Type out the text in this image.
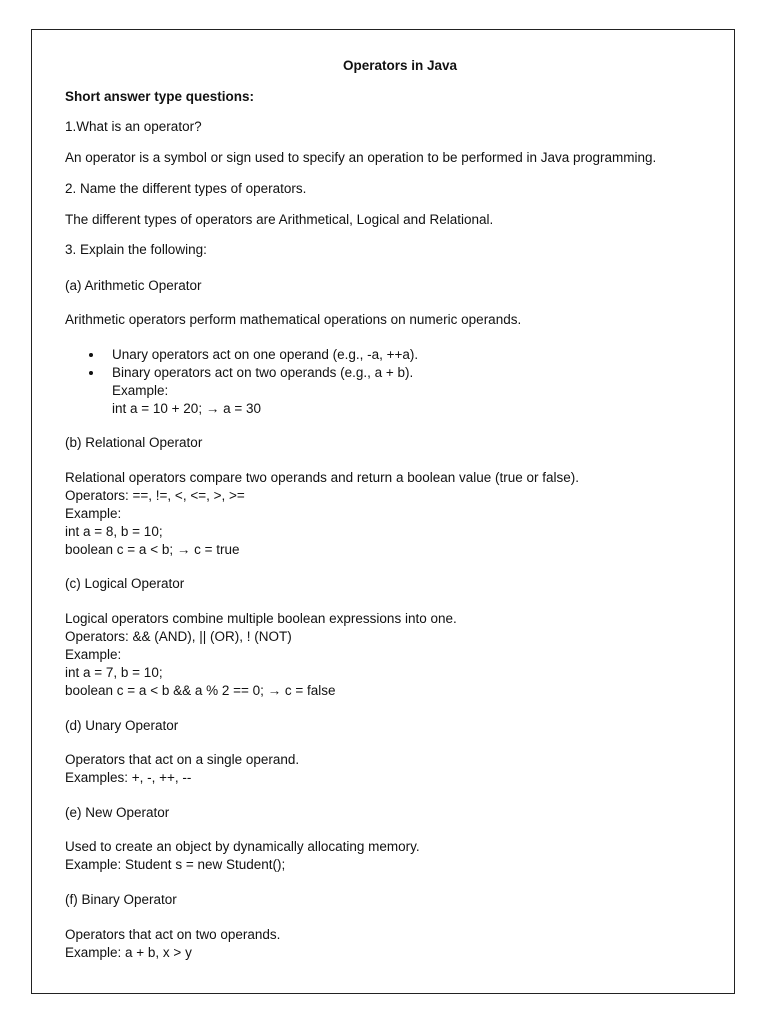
Operators in Java
Short answer type questions:
1.What is an operator?
An operator is a symbol or sign used to specify an operation to be performed in Java programming.
2. Name the different types of operators.
The different types of operators are Arithmetical, Logical and Relational.
3. Explain the following:
(a) Arithmetic Operator
Arithmetic operators perform mathematical operations on numeric operands.
Unary operators act on one operand (e.g., -a, ++a).
Binary operators act on two operands (e.g., a + b).
Example:
int a = 10 + 20; → a = 30
(b) Relational Operator
Relational operators compare two operands and return a boolean value (true or false).
Operators: ==, !=, <, <=, >, >=
Example:
int a = 8, b = 10;
boolean c = a < b; → c = true
(c) Logical Operator
Logical operators combine multiple boolean expressions into one.
Operators: && (AND), || (OR), ! (NOT)
Example:
int a = 7, b = 10;
boolean c = a < b && a % 2 == 0; → c = false
(d) Unary Operator
Operators that act on a single operand.
Examples: +, -, ++, --
(e) New Operator
Used to create an object by dynamically allocating memory.
Example: Student s = new Student();
(f) Binary Operator
Operators that act on two operands.
Example: a + b, x > y
